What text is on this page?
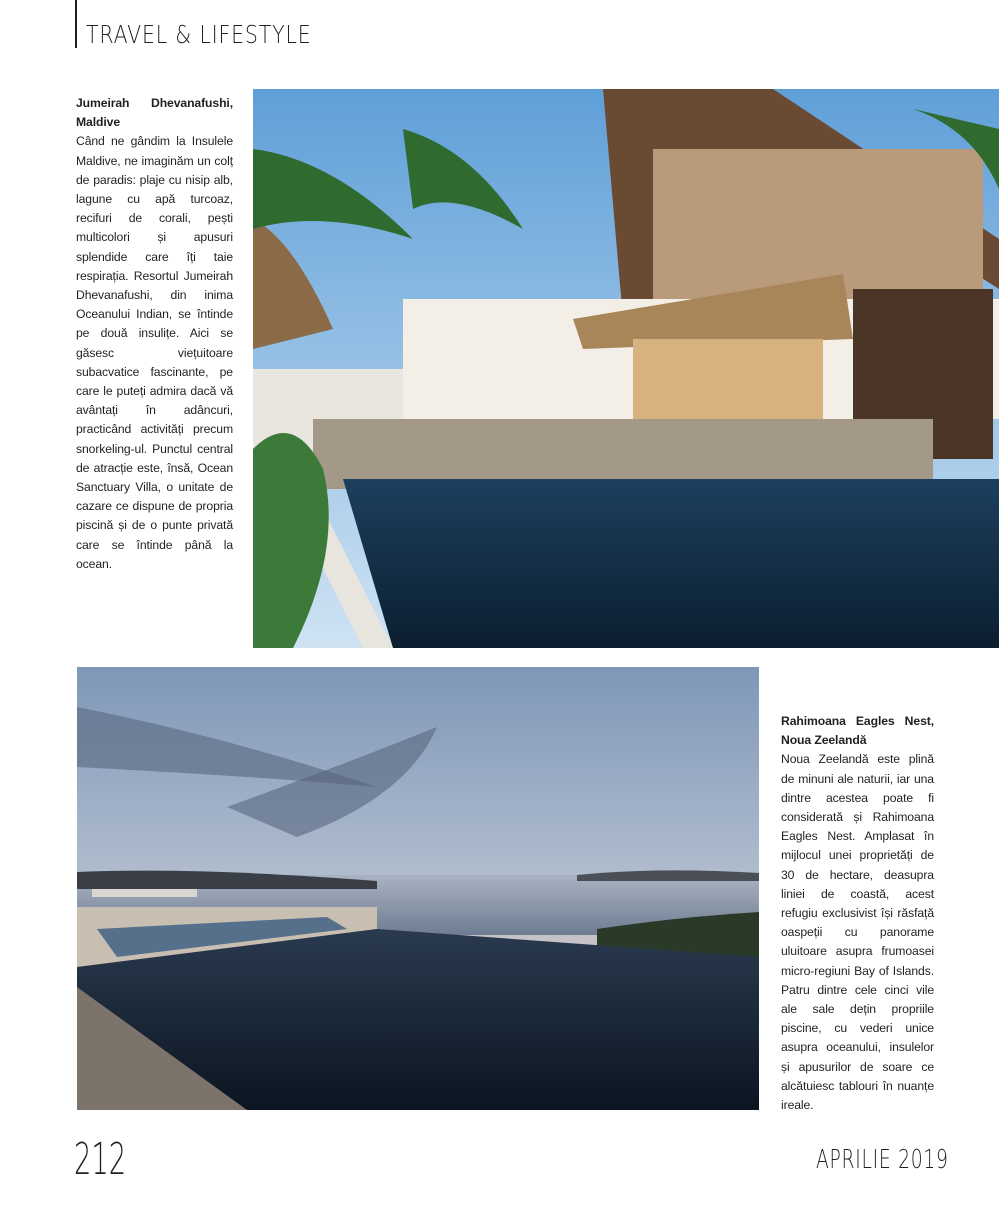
TRAVEL & LIFESTYLE
Jumeirah Dhevanafushi, Maldive
Când ne gândim la Insulele Maldive, ne imaginăm un colț de paradis: plaje cu nisip alb, lagune cu apă turcoaz, recifuri de corali, pești multicolori și apusuri splendide care îți taie respirația. Resortul Jumeirah Dhevanafushi, din inima Oceanului Indian, se întinde pe două insulițe. Aici se găsesc viețuitoare subacvatice fascinante, pe care le puteți admira dacă vă avântați în adâncuri, practicând activități precum snorkeling-ul. Punctul central de atracție este, însă, Ocean Sanctuary Villa, o unitate de cazare ce dispune de propria piscină și de o punte privată care se întinde până la ocean.
Rahimoana Eagles Nest, Noua Zeelandă
Noua Zeelandă este plină de minuni ale naturii, iar una dintre acestea poate fi considerată și Rahimoana Eagles Nest. Amplasat în mijlocul unei proprietăți de 30 de hectare, deasupra liniei de coastă, acest refugiu exclusivist își răsfață oaspeții cu panorame uluitoare asupra frumoasei micro-regiuni Bay of Islands. Patru dintre cele cinci vile ale sale dețin propriile piscine, cu vederi unice asupra oceanului, insulelor și apusurilor de soare ce alcătuiesc tablouri în nuanțe ireale.
212	APRILIE 2019
